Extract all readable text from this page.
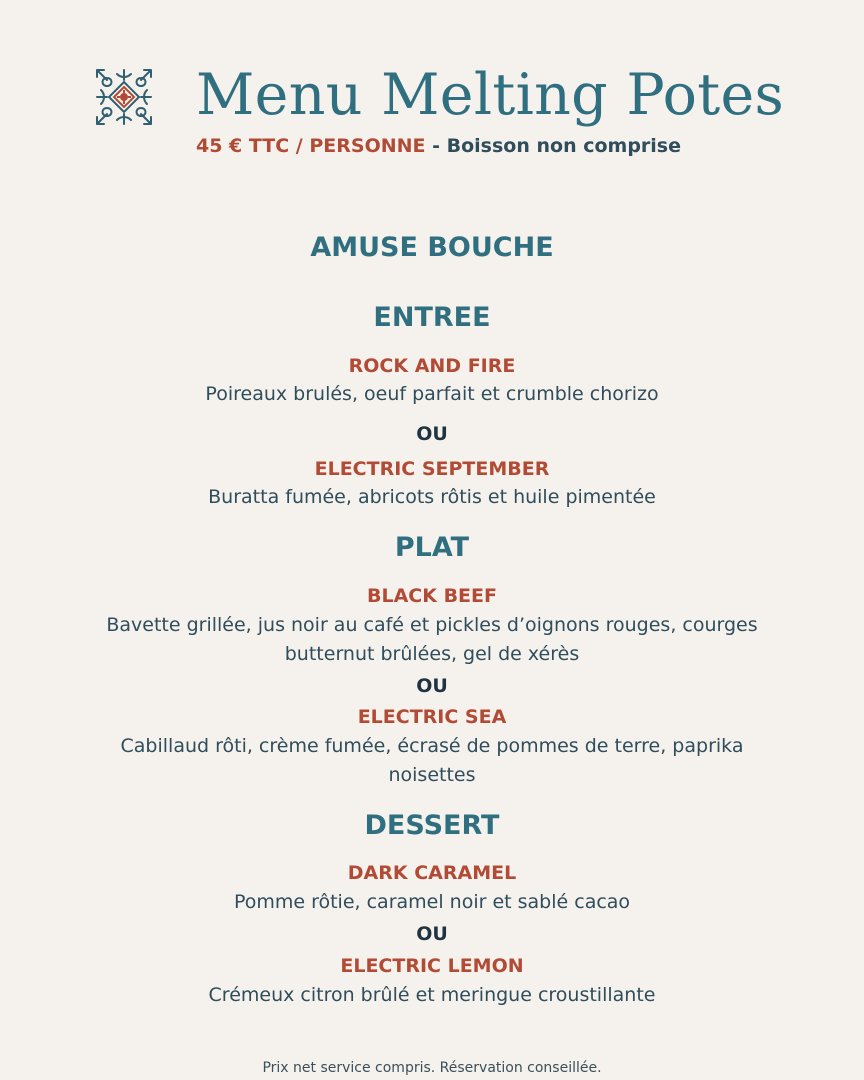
Menu Melting Potes
45 € TTC / PERSONNE - Boisson non comprise
AMUSE BOUCHE
ENTREE
ROCK AND FIRE
Poireaux brulés, oeuf parfait et crumble chorizo
OU
ELECTRIC SEPTEMBER
Buratta fumée, abricots rôtis et huile pimentée
PLAT
BLACK BEEF
Bavette grillée, jus noir au café et pickles d’oignons rouges, courges
butternut brûlées, gel de xérès
OU
ELECTRIC SEA
Cabillaud rôti, crème fumée, écrasé de pommes de terre, paprika
noisettes
DESSERT
DARK CARAMEL
Pomme rôtie, caramel noir et sablé cacao
OU
ELECTRIC LEMON
Crémeux citron brûlé et meringue croustillante
Prix net service compris. Réservation conseillée.
